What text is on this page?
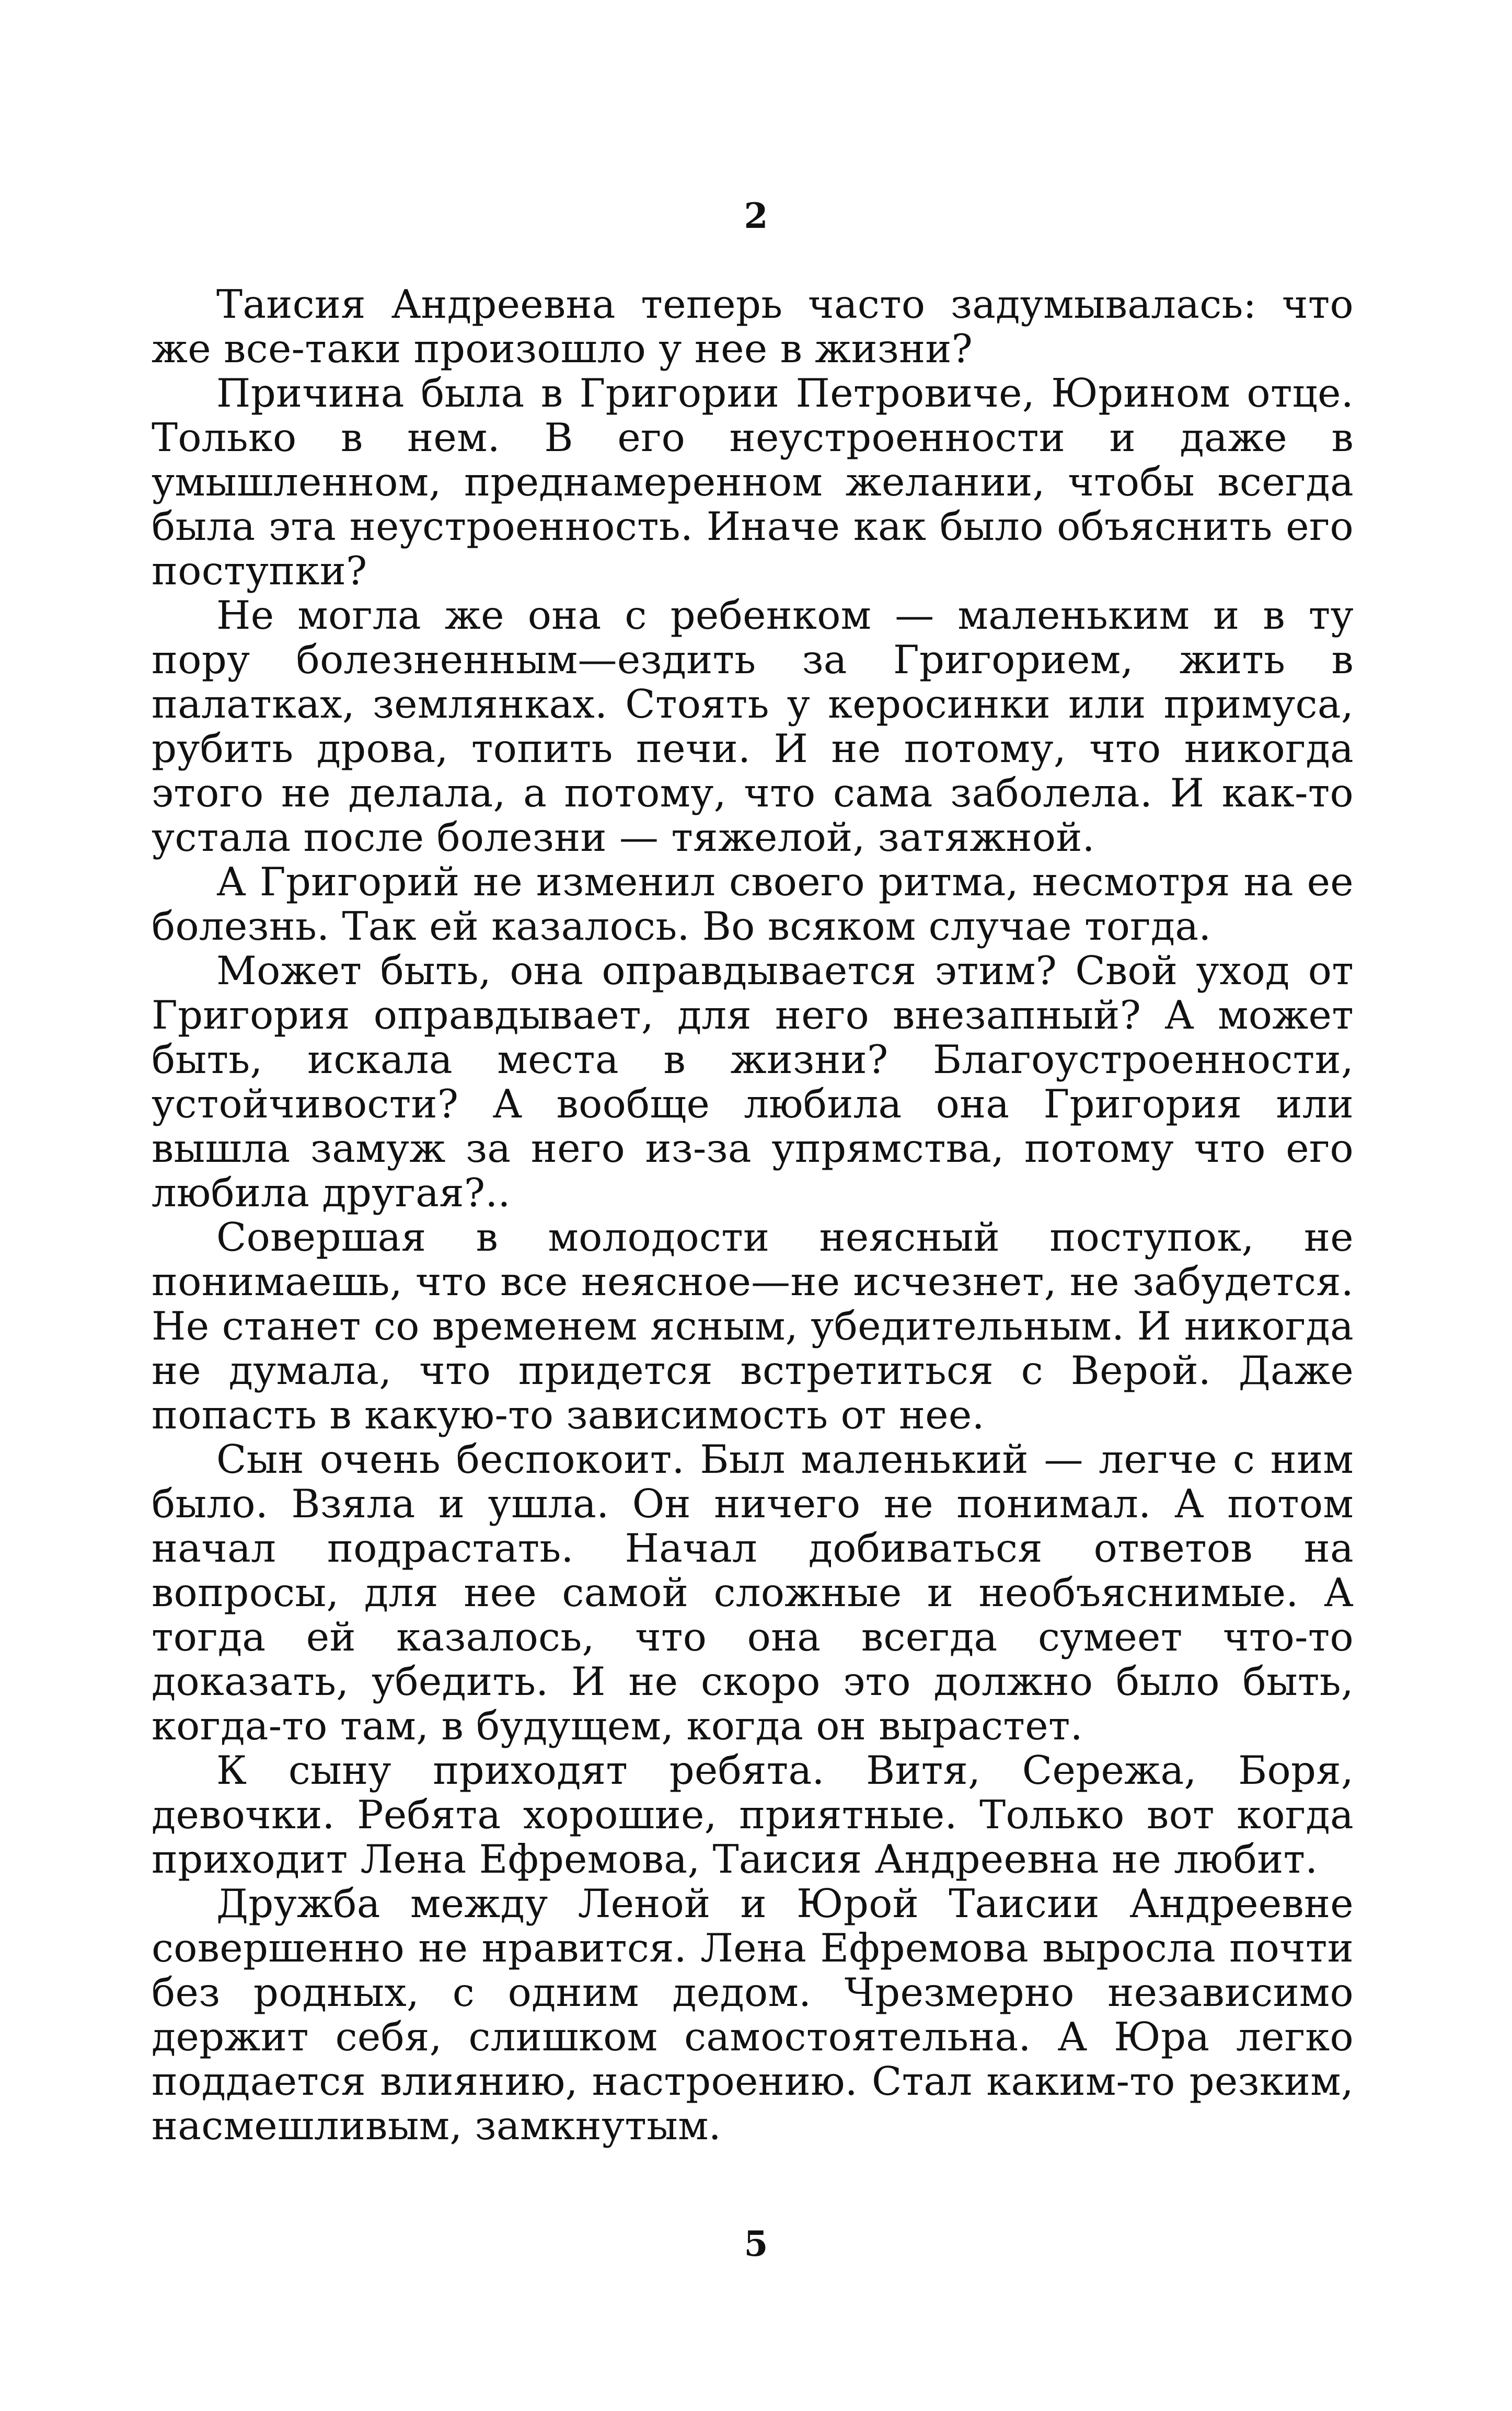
2

Таисия Андреевна теперь часто задумывалась: что же все-таки произошло у нее в жизни?

Причина была в Григории Петровиче, Юрином отце. Только в нем. В его неустроенности и даже в умышленном, преднамеренном желании, чтобы всегда была эта неустроенность. Иначе как было объяснить его поступки?

Не могла же она с ребенком — маленьким и в ту пору болезненным—ездить за Григорием, жить в палатках, землянках. Стоять у керосинки или примуса, рубить дрова, топить печи. И не потому, что никогда этого не делала, а потому, что сама заболела. И как-то устала после болезни — тяжелой, затяжной.

А Григорий не изменил своего ритма, несмотря на ее болезнь. Так ей казалось. Во всяком случае тогда.

Может быть, она оправдывается этим? Свой уход от Григория оправдывает, для него внезапный? А может быть, искала места в жизни? Благоустроенности, устойчивости? А вообще любила она Григория или вышла замуж за него из-за упрямства, потому что его любила другая?..

Совершая в молодости неясный поступок, не понимаешь, что все неясное—не исчезнет, не забудется. Не станет со временем ясным, убедительным. И никогда не думала, что придется встретиться с Верой. Даже попасть в какую-то зависимость от нее.

Сын очень беспокоит. Был маленький — легче с ним было. Взяла и ушла. Он ничего не понимал. А потом начал подрастать. Начал добиваться ответов на вопросы, для нее самой сложные и необъяснимые. А тогда ей казалось, что она всегда сумеет что-то доказать, убедить. И не скоро это должно было быть, когда-то там, в будущем, когда он вырастет.

К сыну приходят ребята. Витя, Сережа, Боря, девочки. Ребята хорошие, приятные. Только вот когда приходит Лена Ефремова, Таисия Андреевна не любит.

Дружба между Леной и Юрой Таисии Андреевне совершенно не нравится. Лена Ефремова выросла почти без родных, с одним дедом. Чрезмерно независимо держит себя, слишком самостоятельна. А Юра легко поддается влиянию, настроению. Стал каким-то резким, насмешливым, замкнутым.

5
